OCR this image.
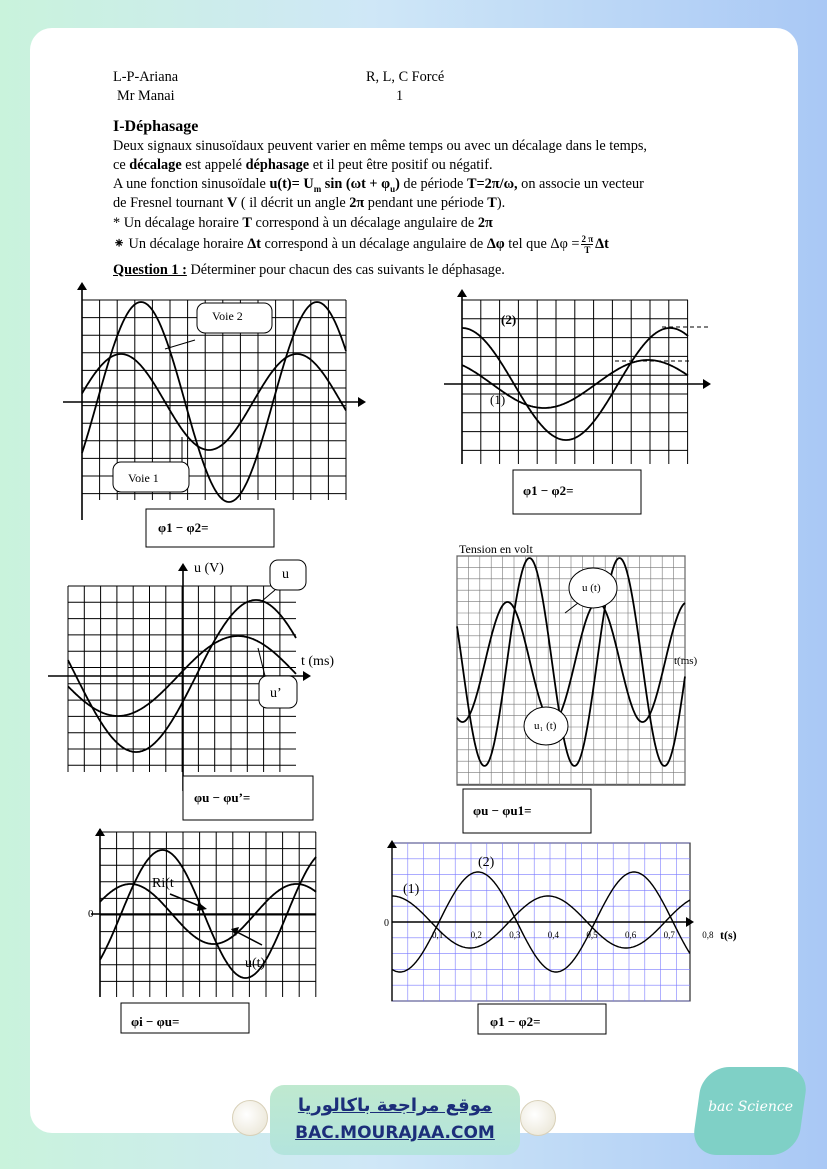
L-P-Ariana
Mr Manai
R, L, C Forcé
1
I-Déphasage
Deux signaux sinusoïdaux peuvent varier en même temps ou avec un décalage dans le temps,
ce décalage est appelé déphasage et il peut être positif ou négatif.
A une fonction sinusoïdale $u(t)= U_m$ $\sin (\omega t + \varphi_u)$ de période T=2π/ω, on associe un vecteur
de Fresnel tournant V ( il décrit un angle 2π pendant une période T).
* Un décalage horaire T correspond à un décalage angulaire de 2π
⁕ Un décalage horaire Δt correspond à un décalage angulaire de Δφ tel que $\Delta\varphi = \frac{2 \pi}{T}$ Δt
Question 1 : Déterminer pour chacun des cas suivants le déphasage.
Voie 2
Voie 1
φ1 − φ2=
(2)
(1)
φ1 − φ2=
u (V)
t (ms)
u
u’
φu − φu’=
Tension en volt
t(ms)
u (t)
u₁ (t)
φu − φu1=
0
Ri(t
u(t)
φi − φu=
(2)
(1)
0
t(s)
0,1	0,2	0,3	0,4	0,5	0,6	0,7	0,8
φ1 − φ2=
موقع مراجعة باكالوريا
BAC.MOURAJAA.COM
bac Science
